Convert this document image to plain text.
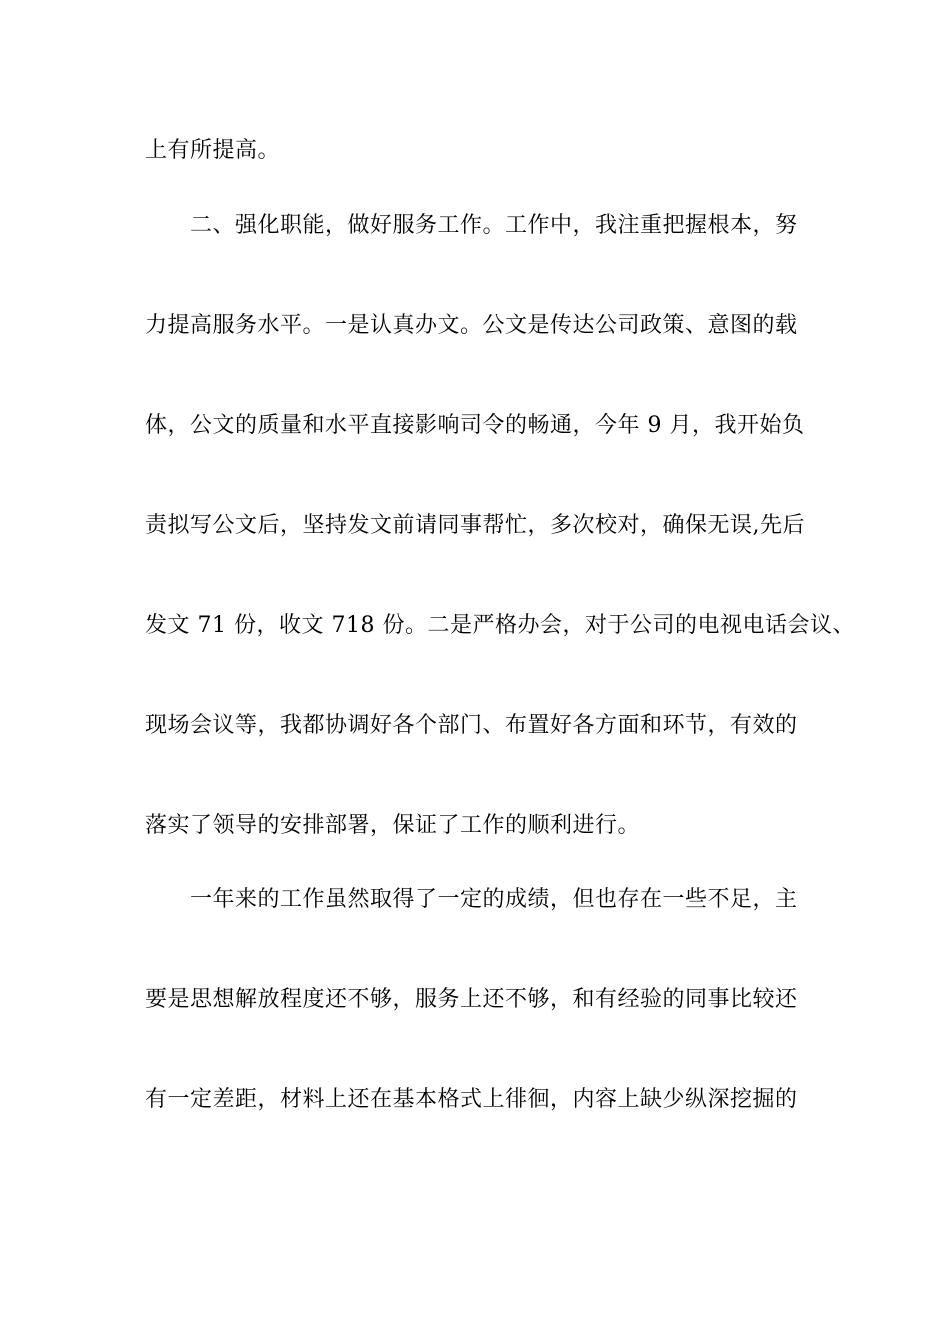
上有所提高。
二、强化职能，做好服务工作。工作中，我注重把握根本，努
力提高服务水平。一是认真办文。公文是传达公司政策、意图的载
体，公文的质量和水平直接影响司令的畅通，今年 9 月，我开始负
责拟写公文后，坚持发文前请同事帮忙，多次校对，确保无误,先后
发文 71 份，收文 718 份。二是严格办会，对于公司的电视电话会议、
现场会议等，我都协调好各个部门、布置好各方面和环节，有效的
落实了领导的安排部署，保证了工作的顺利进行。
一年来的工作虽然取得了一定的成绩，但也存在一些不足，主
要是思想解放程度还不够，服务上还不够，和有经验的同事比较还
有一定差距，材料上还在基本格式上徘徊，内容上缺少纵深挖掘的
